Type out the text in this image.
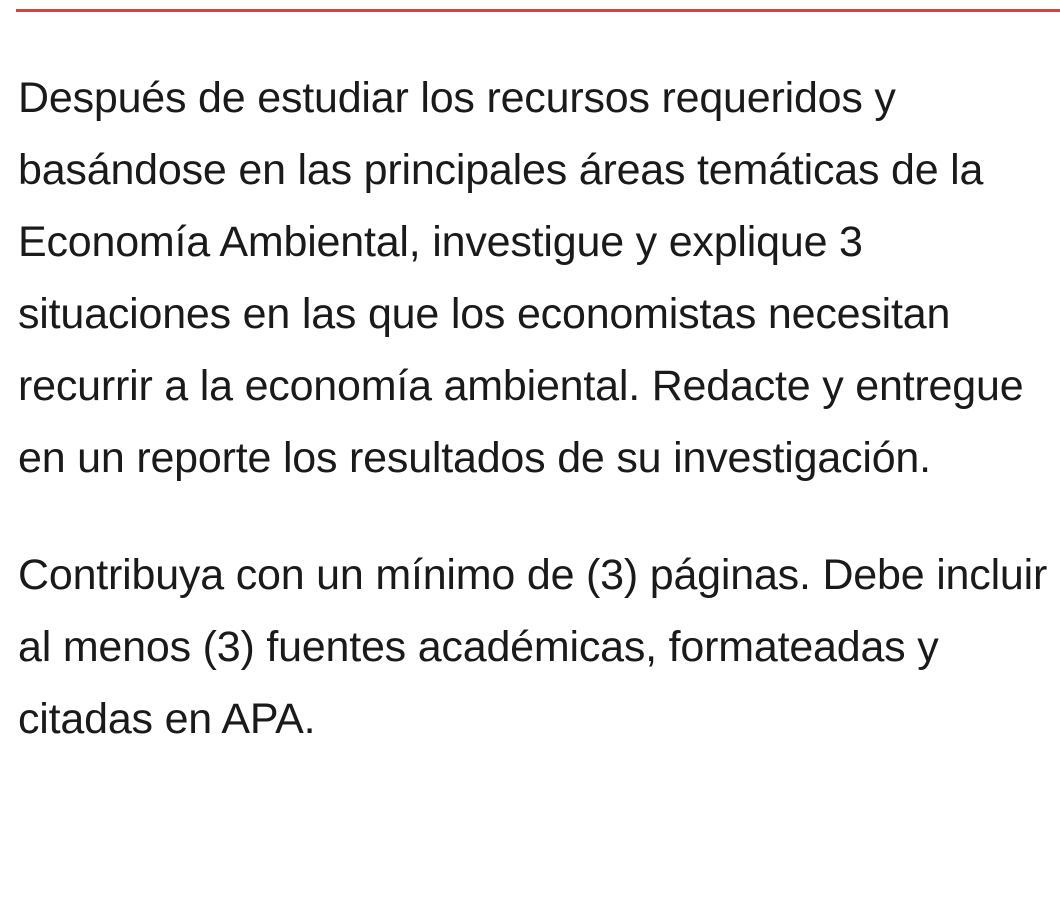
Después de estudiar los recursos requeridos y basándose en las principales áreas temáticas de la Economía Ambiental, investigue y explique 3 situaciones en las que los economistas necesitan recurrir a la economía ambiental. Redacte y entregue en un reporte los resultados de su investigación.

Contribuya con un mínimo de (3) páginas. Debe incluir al menos (3) fuentes académicas, formateadas y citadas en APA.
